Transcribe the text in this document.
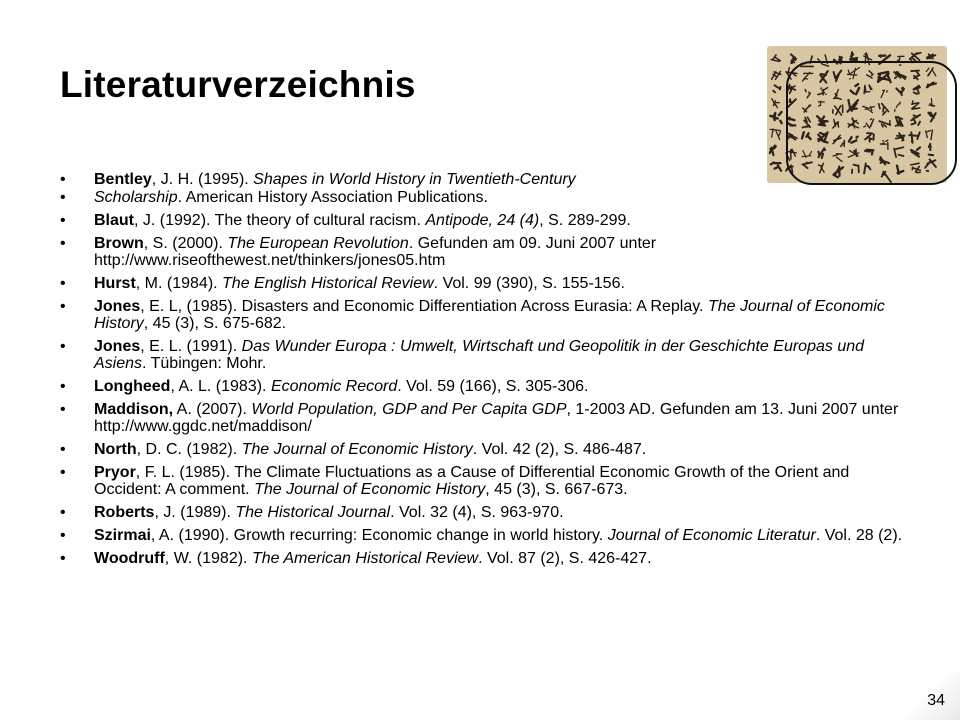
Literaturverzeichnis
• Bentley, J. H. (1995). Shapes in World History in Twentieth-Century
• Scholarship. American History Association Publications.
• Blaut, J. (1992). The theory of cultural racism. Antipode, 24 (4), S. 289-299.
• Brown, S. (2000). The European Revolution. Gefunden am 09. Juni 2007 unter http://www.riseofthewest.net/thinkers/jones05.htm
• Hurst, M. (1984). The English Historical Review. Vol. 99 (390), S. 155-156.
• Jones, E. L, (1985). Disasters and Economic Differentiation Across Eurasia: A Replay. The Journal of Economic History, 45 (3), S. 675-682.
• Jones, E. L. (1991). Das Wunder Europa : Umwelt, Wirtschaft und Geopolitik in der Geschichte Europas und Asiens. Tübingen: Mohr.
• Longheed, A. L. (1983). Economic Record. Vol. 59 (166), S. 305-306.
• Maddison, A. (2007). World Population, GDP and Per Capita GDP, 1-2003 AD. Gefunden am 13. Juni 2007 unter http://www.ggdc.net/maddison/
• North, D. C. (1982). The Journal of Economic History. Vol. 42 (2), S. 486-487.
• Pryor, F. L. (1985). The Climate Fluctuations as a Cause of Differential Economic Growth of the Orient and Occident: A comment. The Journal of Economic History, 45 (3), S. 667-673.
• Roberts, J. (1989). The Historical Journal. Vol. 32 (4), S. 963-970.
• Szirmai, A. (1990). Growth recurring: Economic change in world history. Journal of Economic Literatur. Vol. 28 (2).
• Woodruff, W. (1982). The American Historical Review. Vol. 87 (2), S. 426-427.
34
